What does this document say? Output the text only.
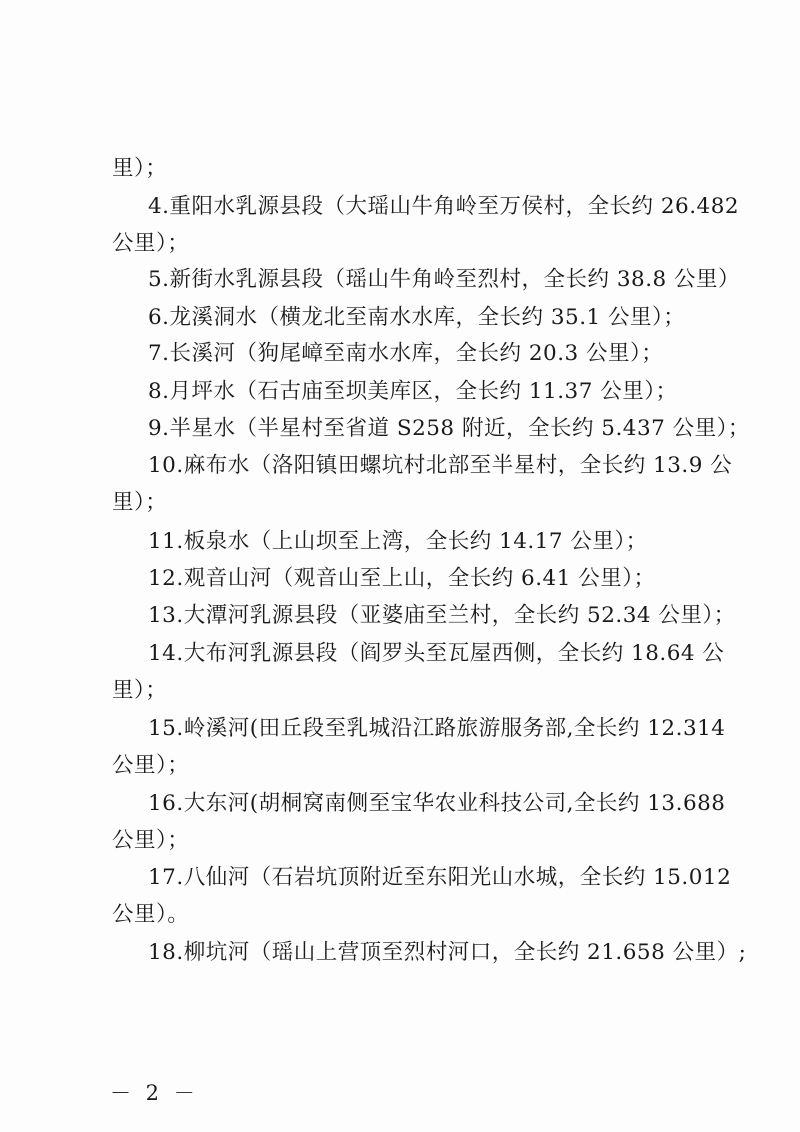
里）；
4.重阳水乳源县段（大瑶山牛角岭至万侯村，全长约 26.482
公里）；
5.新街水乳源县段（瑶山牛角岭至烈村，全长约 38.8 公里）
6.龙溪洞水（横龙北至南水水库，全长约 35.1 公里）；
7.长溪河（狗尾嶂至南水水库，全长约 20.3 公里）；
8.月坪水（石古庙至坝美库区，全长约 11.37 公里）；
9.半星水（半星村至省道 S258 附近，全长约 5.437 公里）；
10.麻布水（洛阳镇田螺坑村北部至半星村，全长约 13.9 公
里）；
11.板泉水（上山坝至上湾，全长约 14.17 公里）；
12.观音山河（观音山至上山，全长约 6.41 公里）；
13.大潭河乳源县段（亚婆庙至兰村，全长约 52.34 公里）；
14.大布河乳源县段（阎罗头至瓦屋西侧，全长约 18.64 公
里）；
15.岭溪河(田丘段至乳城沿江路旅游服务部,全长约 12.314
公里）；
16.大东河(胡桐窝南侧至宝华农业科技公司,全长约 13.688
公里）；
17.八仙河（石岩坑顶附近至东阳光山水城，全长约 15.012
公里）。
18.柳坑河（瑶山上营顶至烈村河口，全长约 21.658 公里）;
－ 2 －
